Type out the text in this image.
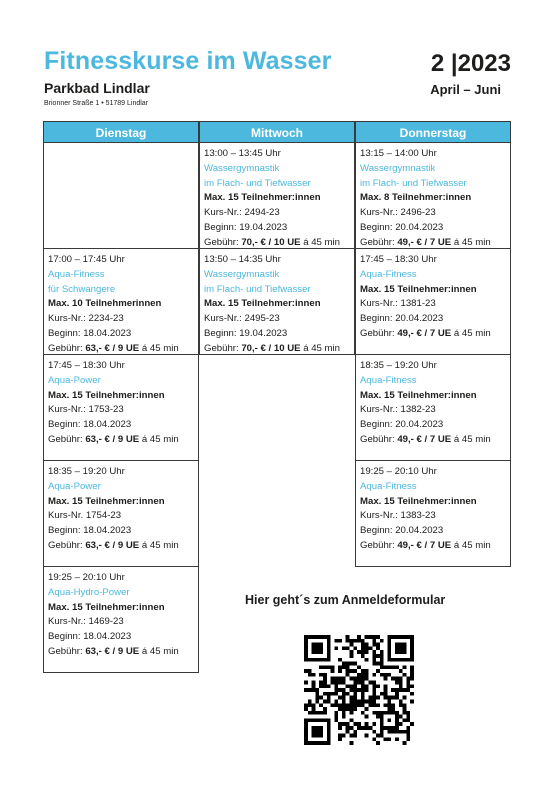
Fitnesskurse im Wasser	2 |2023
April – Juni
Parkbad Lindlar
Brionner Straße 1 • 51789 Lindlar
Dienstag
17:00 – 17:45 Uhr
Aqua-Fitness
für Schwangere
Max. 10 Teilnehmerinnen
Kurs-Nr.: 2234-23
Beginn: 18.04.2023
Gebühr: 63,- € / 9 UE á 45 min
17:45 – 18:30 Uhr
Aqua-Power
Max. 15 Teilnehmer:innen
Kurs-Nr.: 1753-23
Beginn: 18.04.2023
Gebühr: 63,- € / 9 UE á 45 min
18:35 – 19:20 Uhr
Aqua-Power
Max. 15 Teilnehmer:innen
Kurs-Nr. 1754-23
Beginn: 18.04.2023
Gebühr: 63,- € / 9 UE á 45 min
19:25 – 20:10 Uhr
Aqua-Hydro-Power
Max. 15 Teilnehmer:innen
Kurs-Nr.: 1469-23
Beginn: 18.04.2023
Gebühr: 63,- € / 9 UE á 45 min
Mittwoch
13:00 – 13:45 Uhr
Wassergymnastik
im Flach- und Tiefwasser
Max. 15 Teilnehmer:innen
Kurs-Nr.: 2494-23
Beginn: 19.04.2023
Gebühr: 70,- € / 10 UE á 45 min
13:50 – 14:35 Uhr
Wassergymnastik
im Flach- und Tiefwasser
Max. 15 Teilnehmer:innen
Kurs-Nr.: 2495-23
Beginn: 19.04.2023
Gebühr: 70,- € / 10 UE á 45 min
Donnerstag
13:15 – 14:00 Uhr
Wassergymnastik
im Flach- und Tiefwasser
Max. 8 Teilnehmer:innen
Kurs-Nr.: 2496-23
Beginn: 20.04.2023
Gebühr: 49,- € / 7 UE á 45 min
17:45 – 18:30 Uhr
Aqua-Fitness
Max. 15 Teilnehmer:innen
Kurs-Nr.: 1381-23
Beginn: 20.04.2023
Gebühr: 49,- € / 7 UE á 45 min
18:35 – 19:20 Uhr
Aqua-Fitness
Max. 15 Teilnehmer:innen
Kurs-Nr.: 1382-23
Beginn: 20.04.2023
Gebühr: 49,- € / 7 UE á 45 min
19:25 – 20:10 Uhr
Aqua-Fitness
Max. 15 Teilnehmer:innen
Kurs-Nr.: 1383-23
Beginn: 20.04.2023
Gebühr: 49,- € / 7 UE á 45 min
Hier geht´s zum Anmeldeformular
